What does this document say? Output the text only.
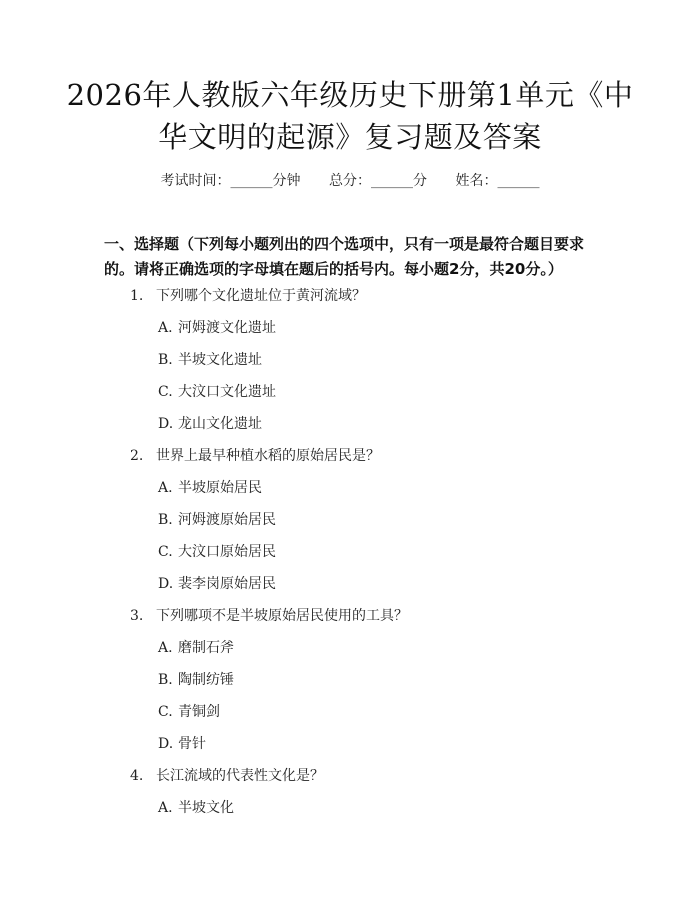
2026年人教版六年级历史下册第1单元《中华文明的起源》复习题及答案
考试时间：______分钟 总分：______分 姓名：______
一、选择题（下列每小题列出的四个选项中，只有一项是最符合题目要求的。请将正确选项的字母填在题后的括号内。每小题2分，共20分。）
1. 下列哪个文化遗址位于黄河流域？
A. 河姆渡文化遗址
B. 半坡文化遗址
C. 大汶口文化遗址
D. 龙山文化遗址
2. 世界上最早种植水稻的原始居民是？
A. 半坡原始居民
B. 河姆渡原始居民
C. 大汶口原始居民
D. 裴李岗原始居民
3. 下列哪项不是半坡原始居民使用的工具？
A. 磨制石斧
B. 陶制纺锤
C. 青铜剑
D. 骨针
4. 长江流域的代表性文化是？
A. 半坡文化
